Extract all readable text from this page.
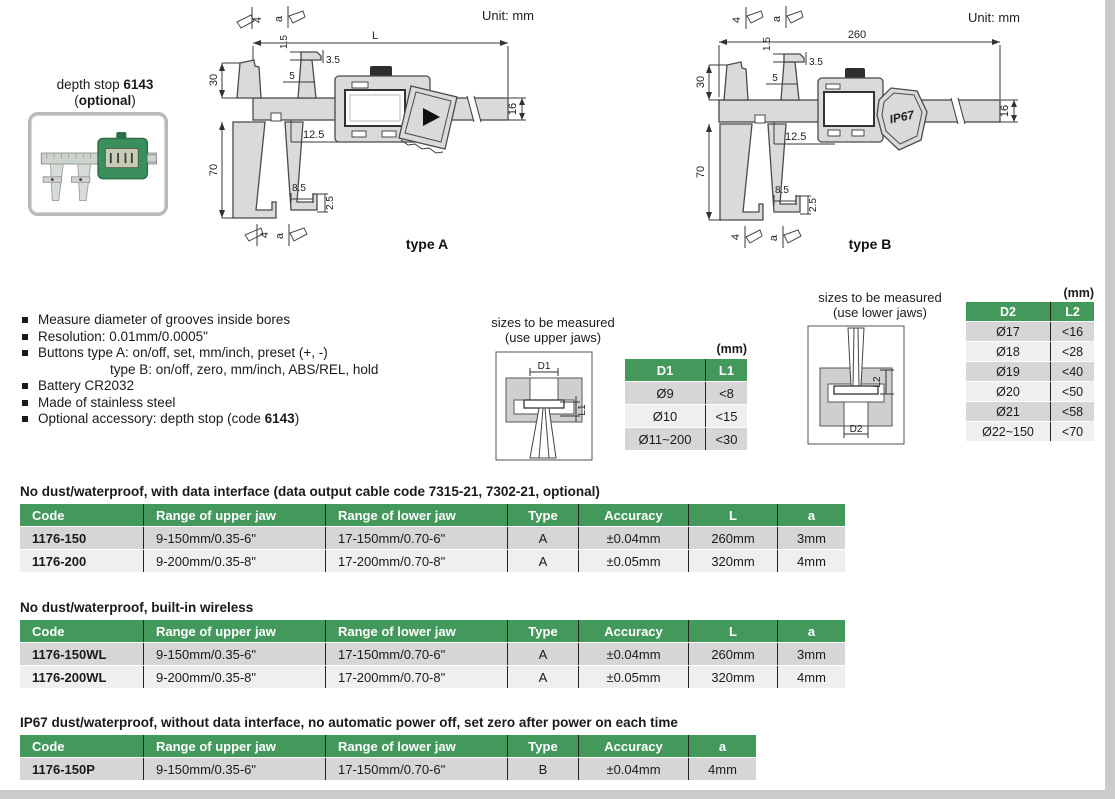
Unit: mm	Unit: mm
depth stop 6143
(optional)
4 a
L
30
70
1.5
3.5
5
12.5
8.5
2.5
16
4 a	type A
4	a
260
30
70
1.5
3.5
5
12.5
8.5
2.5
IP67	16
4 a	type B
Measure diameter of grooves inside bores
Resolution: 0.01mm/0.0005"
Buttons type A: on/off, set, mm/inch, preset (+, -)
type B: on/off, zero, mm/inch, ABS/REL, hold
Battery CR2032
Made of stainless steel
Optional accessory: depth stop (code 6143)
sizes to be measured
(use upper jaws)
D1
L1
(mm)
D1	L1
Ø9	<8
Ø10	<15
Ø11~200	<30
sizes to be measured
(use lower jaws)
L2
D2
(mm)
D2	L2
Ø17	<16
Ø18	<28
Ø19	<40
Ø20	<50
Ø21	<58
Ø22~150	<70
No dust/waterproof, with data interface (data output cable code 7315-21, 7302-21, optional)
Code	Range of upper jaw	Range of lower jaw	Type	Accuracy	L	a
1176-150	9-150mm/0.35-6"	17-150mm/0.70-6"	A	±0.04mm	260mm	3mm
1176-200	9-200mm/0.35-8"	17-200mm/0.70-8"	A	±0.05mm	320mm	4mm
No dust/waterproof, built-in wireless
Code	Range of upper jaw	Range of lower jaw	Type	Accuracy	L	a
1176-150WL	9-150mm/0.35-6"	17-150mm/0.70-6"	A	±0.04mm	260mm	3mm
1176-200WL	9-200mm/0.35-8"	17-200mm/0.70-8"	A	±0.05mm	320mm	4mm
IP67 dust/waterproof, without data interface, no automatic power off, set zero after power on each time
Code	Range of upper jaw	Range of lower jaw	Type	Accuracy	a
1176-150P	9-150mm/0.35-6"	17-150mm/0.70-6"	B	±0.04mm	4mm
